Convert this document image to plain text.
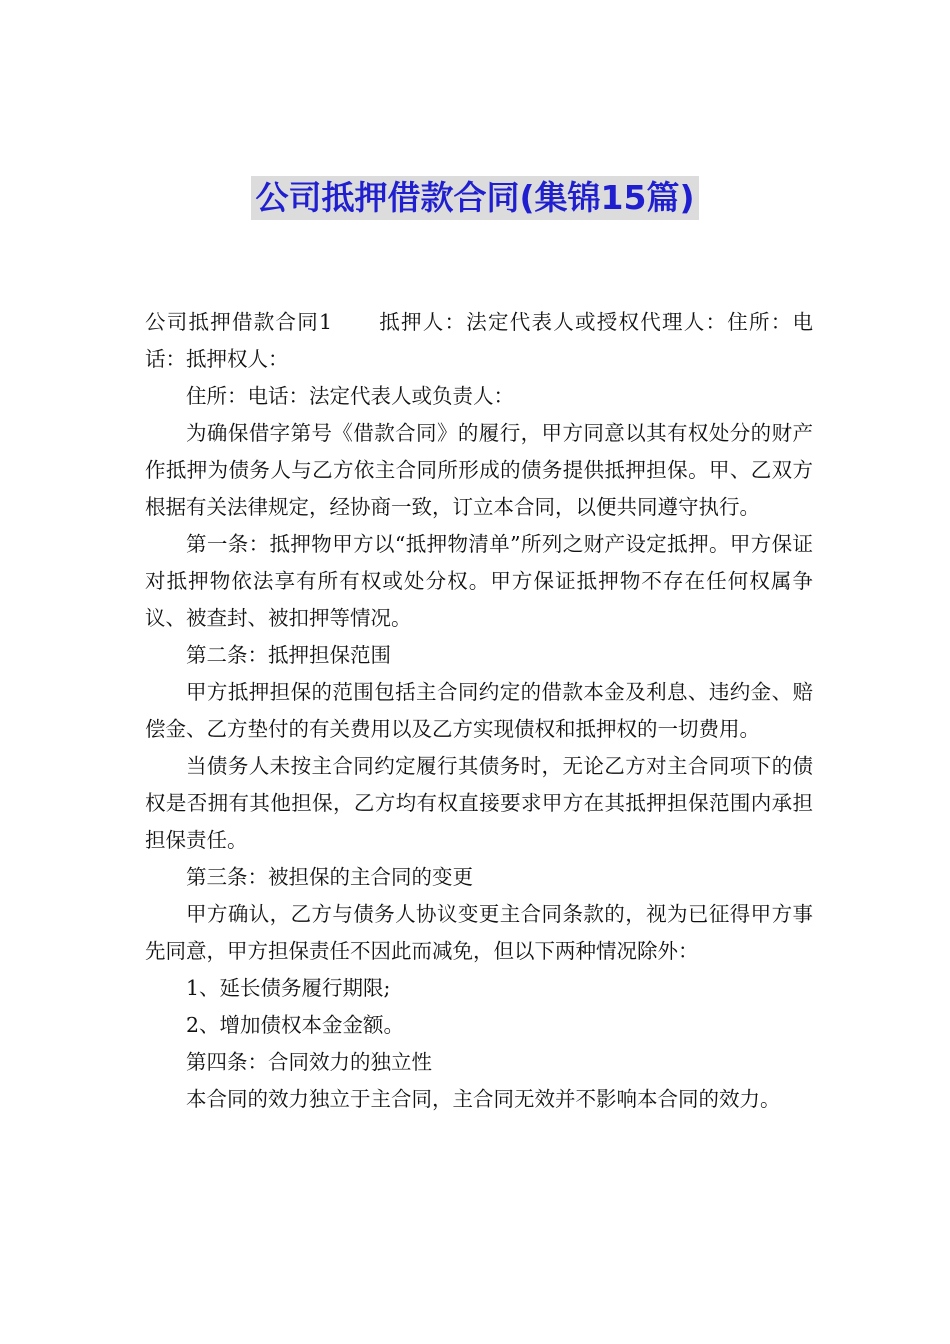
公司抵押借款合同(集锦15篇)

公司抵押借款合同1 抵押人：法定代表人或授权代理人：住所：电话：抵押权人：

住所：电话：法定代表人或负责人：

为确保借字第号《借款合同》的履行，甲方同意以其有权处分的财产作抵押为债务人与乙方依主合同所形成的债务提供抵押担保。甲、乙双方根据有关法律规定，经协商一致，订立本合同，以便共同遵守执行。

第一条：抵押物甲方以“抵押物清单”所列之财产设定抵押。甲方保证对抵押物依法享有所有权或处分权。甲方保证抵押物不存在任何权属争议、被查封、被扣押等情况。

第二条：抵押担保范围

甲方抵押担保的范围包括主合同约定的借款本金及利息、违约金、赔偿金、乙方垫付的有关费用以及乙方实现债权和抵押权的一切费用。

当债务人未按主合同约定履行其债务时，无论乙方对主合同项下的债权是否拥有其他担保，乙方均有权直接要求甲方在其抵押担保范围内承担担保责任。

第三条：被担保的主合同的变更

甲方确认，乙方与债务人协议变更主合同条款的，视为已征得甲方事先同意，甲方担保责任不因此而减免，但以下两种情况除外：

1、延长债务履行期限;

2、增加债权本金金额。

第四条：合同效力的独立性

本合同的效力独立于主合同，主合同无效并不影响本合同的效力。
